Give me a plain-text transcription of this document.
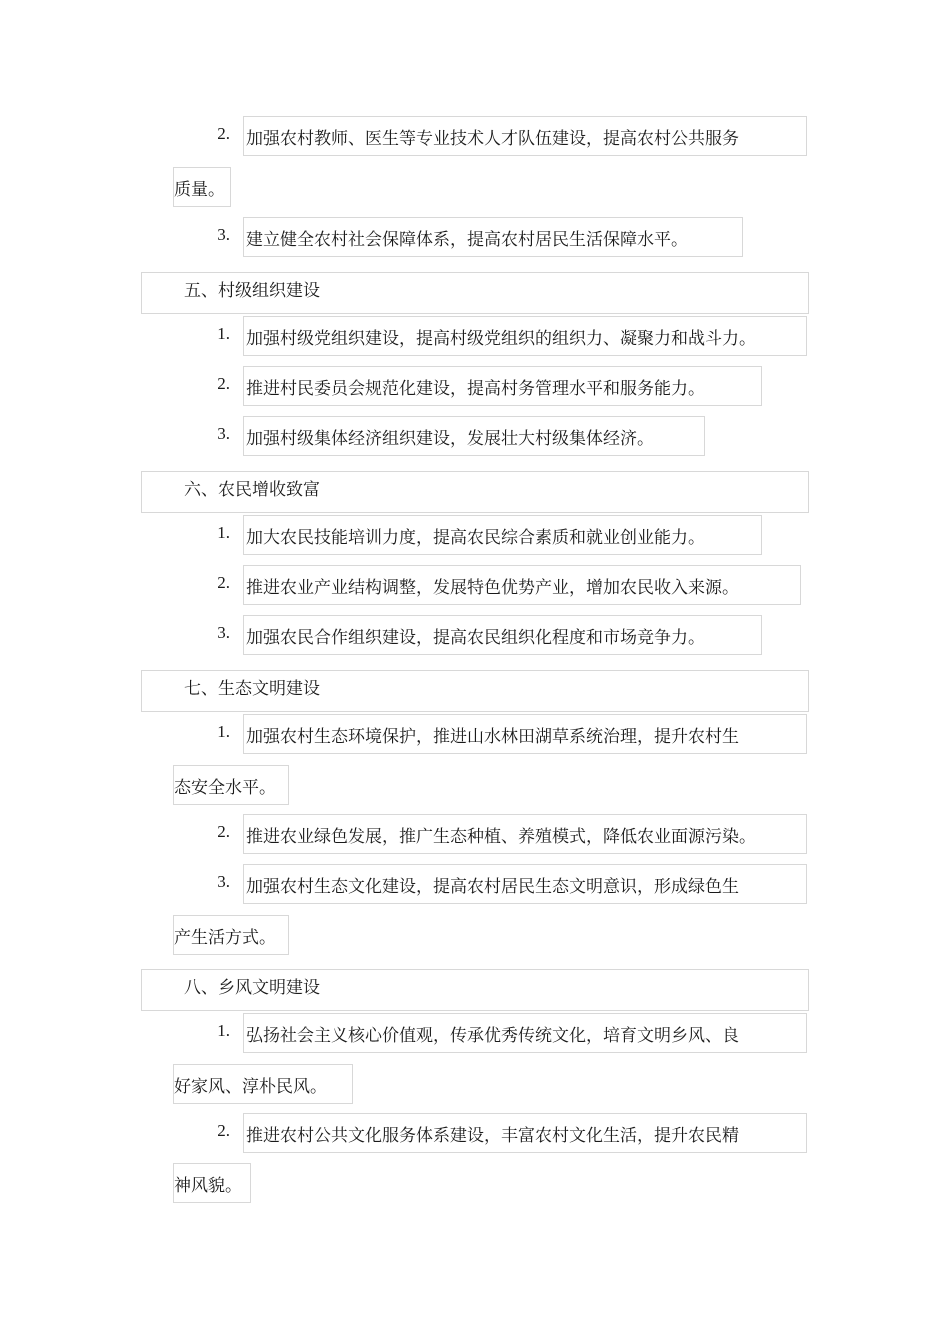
2. 加强农村教师、医生等专业技术人才队伍建设，提高农村公共服务
质量。
3. 建立健全农村社会保障体系，提高农村居民生活保障水平。
五、村级组织建设
1. 加强村级党组织建设，提高村级党组织的组织力、凝聚力和战斗力。
2. 推进村民委员会规范化建设，提高村务管理水平和服务能力。
3. 加强村级集体经济组织建设，发展壮大村级集体经济。
六、农民增收致富
1. 加大农民技能培训力度，提高农民综合素质和就业创业能力。
2. 推进农业产业结构调整，发展特色优势产业，增加农民收入来源。
3. 加强农民合作组织建设，提高农民组织化程度和市场竞争力。
七、生态文明建设
1. 加强农村生态环境保护，推进山水林田湖草系统治理，提升农村生
态安全水平。
2. 推进农业绿色发展，推广生态种植、养殖模式，降低农业面源污染。
3. 加强农村生态文化建设，提高农村居民生态文明意识，形成绿色生
产生活方式。
八、乡风文明建设
1. 弘扬社会主义核心价值观，传承优秀传统文化，培育文明乡风、良
好家风、淳朴民风。
2. 推进农村公共文化服务体系建设，丰富农村文化生活，提升农民精
神风貌。
